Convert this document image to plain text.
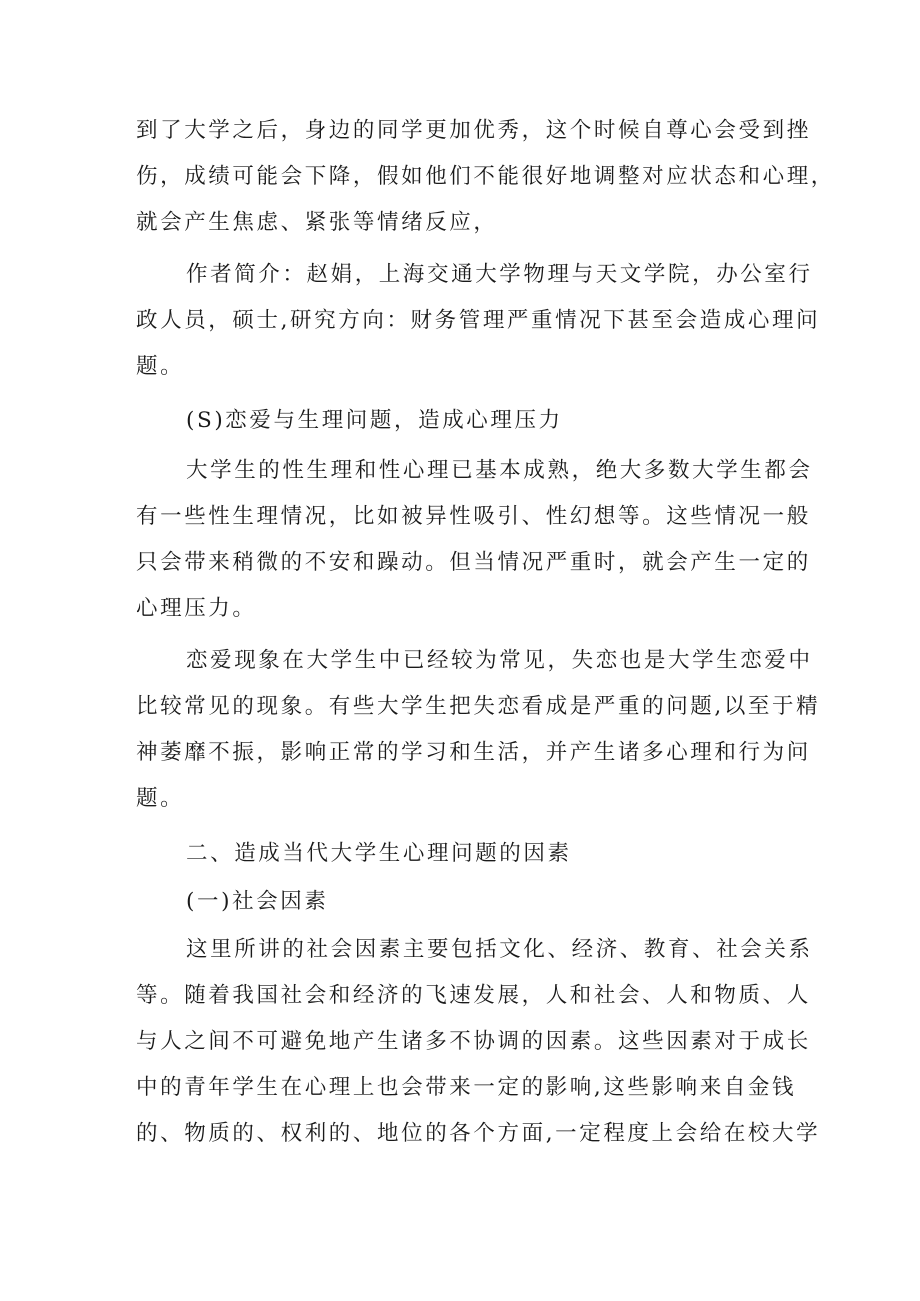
到了大学之后，身边的同学更加优秀，这个时候自尊心会受到挫
伤，成绩可能会下降，假如他们不能很好地调整对应状态和心理，
就会产生焦虑、紧张等情绪反应，
作者简介：赵娟，上海交通大学物理与天文学院，办公室行
政人员，硕士,研究方向：财务管理严重情况下甚至会造成心理问
题。
(S)恋爱与生理问题，造成心理压力
大学生的性生理和性心理已基本成熟，绝大多数大学生都会
有一些性生理情况，比如被异性吸引、性幻想等。这些情况一般
只会带来稍微的不安和躁动。但当情况严重时，就会产生一定的
心理压力。
恋爱现象在大学生中已经较为常见，失恋也是大学生恋爱中
比较常见的现象。有些大学生把失恋看成是严重的问题,以至于精
神萎靡不振，影响正常的学习和生活，并产生诸多心理和行为问
题。
二、造成当代大学生心理问题的因素
(一)社会因素
这里所讲的社会因素主要包括文化、经济、教育、社会关系
等。随着我国社会和经济的飞速发展，人和社会、人和物质、人
与人之间不可避免地产生诸多不协调的因素。这些因素对于成长
中的青年学生在心理上也会带来一定的影响,这些影响来自金钱
的、物质的、权利的、地位的各个方面,一定程度上会给在校大学
